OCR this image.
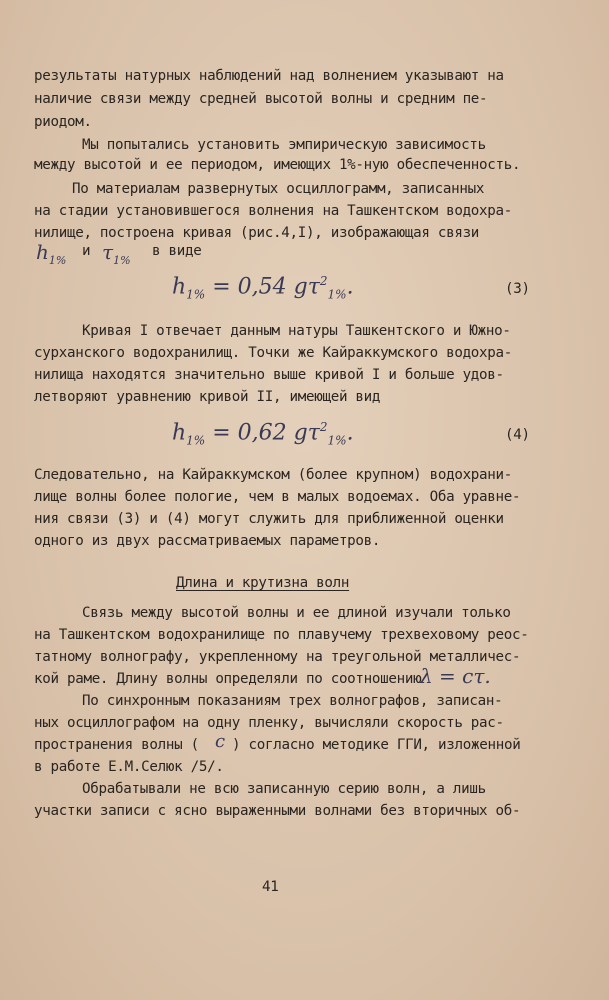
результаты натурных наблюдений над волнением указывают на
наличие связи между средней высотой волны и средним пе-
риодом.
Мы попытались установить эмпирическую зависимость
между высотой и ее периодом, имеющих 1%-ную обеспеченность.
По материалам развернутых осциллограмм, записанных
на стадии установившегося волнения на Ташкентском водохра-
нилище, построена кривая (рис.4,I), изображающая связи
$h_{1\%}$
и $\tau_{1\%}$
в виде
$h_{1\%} = 0,54$ $g\tau^2_{1\%}$.	(3)
Кривая I отвечает данным натуры Ташкентского и Южно-
сурханского водохранилищ. Точки же Кайраккумского водохра-
нилища находятся значительно выше кривой I и больше удов-
летворяют уравнению кривой II, имеющей вид
$h_{1\%} = 0,62$ $g\tau^2_{1\%}$.	(4)
Следовательно, на Кайраккумском (более крупном) водохрани-
лище волны более пологие, чем в малых водоемах. Оба уравне-
ния связи (3) и (4) могут служить для приближенной оценки
одного из двух рассматриваемых параметров.
Длина и крутизна волн
Связь между высотой волны и ее длиной изучали только
на Ташкентском водохранилище по плавучему трехвеховому реос-
татному волнографу, укрепленному на треугольной металличес-
кой раме. Длину волны определяли по соотношению
λ = cτ.
По синхронным показаниям трех волнографов, записан-
ных осциллографом на одну пленку, вычисляли скорость рас-
пространения волны ( c ) согласно методике ГГИ, изложенной
в работе Е.М.Селюк /5/.
Обрабатывали не всю записанную серию волн, а лишь
участки записи с ясно выраженными волнами без вторичных об-
41
